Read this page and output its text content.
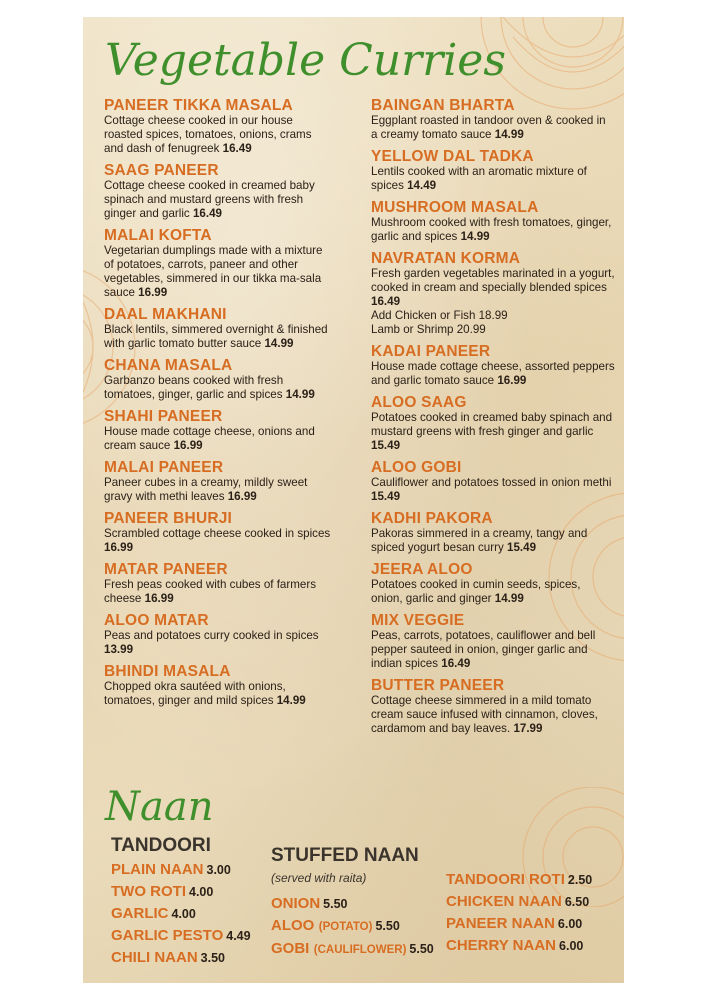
Vegetable Curries
PANEER TIKKA MASALA
Cottage cheese cooked in our house roasted spices, tomatoes, onions, crams and dash of fenugreek 16.49
SAAG PANEER
Cottage cheese cooked in creamed baby spinach and mustard greens with fresh ginger and garlic 16.49
MALAI KOFTA
Vegetarian dumplings made with a mixture of potatoes, carrots, paneer and other vegetables, simmered in our tikka ma-sala sauce 16.99
DAAL MAKHANI
Black lentils, simmered overnight & finished with garlic tomato butter sauce 14.99
CHANA MASALA
Garbanzo beans cooked with fresh tomatoes, ginger, garlic and spices 14.99
SHAHI PANEER
House made cottage cheese, onions and cream sauce 16.99
MALAI PANEER
Paneer cubes in a creamy, mildly sweet gravy with methi leaves 16.99
PANEER BHURJI
Scrambled cottage cheese cooked in spices 16.99
MATAR PANEER
Fresh peas cooked with cubes of farmers cheese 16.99
ALOO MATAR
Peas and potatoes curry cooked in spices 13.99
BHINDI MASALA
Chopped okra sautéed with onions, tomatoes, ginger and mild spices 14.99
BAINGAN BHARTA
Eggplant roasted in tandoor oven & cooked in a creamy tomato sauce 14.99
YELLOW DAL TADKA
Lentils cooked with an aromatic mixture of spices 14.49
MUSHROOM MASALA
Mushroom cooked with fresh tomatoes, ginger, garlic and spices 14.99
NAVRATAN KORMA
Fresh garden vegetables marinated in a yogurt, cooked in cream and specially blended spices 16.49
Add Chicken or Fish 18.99
Lamb or Shrimp 20.99
KADAI PANEER
House made cottage cheese, assorted peppers and garlic tomato sauce 16.99
ALOO SAAG
Potatoes cooked in creamed baby spinach and mustard greens with fresh ginger and garlic 15.49
ALOO GOBI
Cauliflower and potatoes tossed in onion methi 15.49
KADHI PAKORA
Pakoras simmered in a creamy, tangy and spiced yogurt besan curry 15.49
JEERA ALOO
Potatoes cooked in cumin seeds, spices, onion, garlic and ginger 14.99
MIX VEGGIE
Peas, carrots, potatoes, cauliflower and bell pepper sauteed in onion, ginger garlic and indian spices 16.49
BUTTER PANEER
Cottage cheese simmered in a mild tomato cream sauce infused with cinnamon, cloves, cardamom and bay leaves. 17.99
Naan
TANDOORI
PLAIN NAAN 3.00
TWO ROTI 4.00
GARLIC 4.00
GARLIC PESTO 4.49
CHILI NAAN 3.50
STUFFED NAAN
(served with raita)
ONION 5.50
ALOO (POTATO) 5.50
GOBI (CAULIFLOWER) 5.50
TANDOORI ROTI 2.50
CHICKEN NAAN 6.50
PANEER NAAN 6.00
CHERRY NAAN 6.00
